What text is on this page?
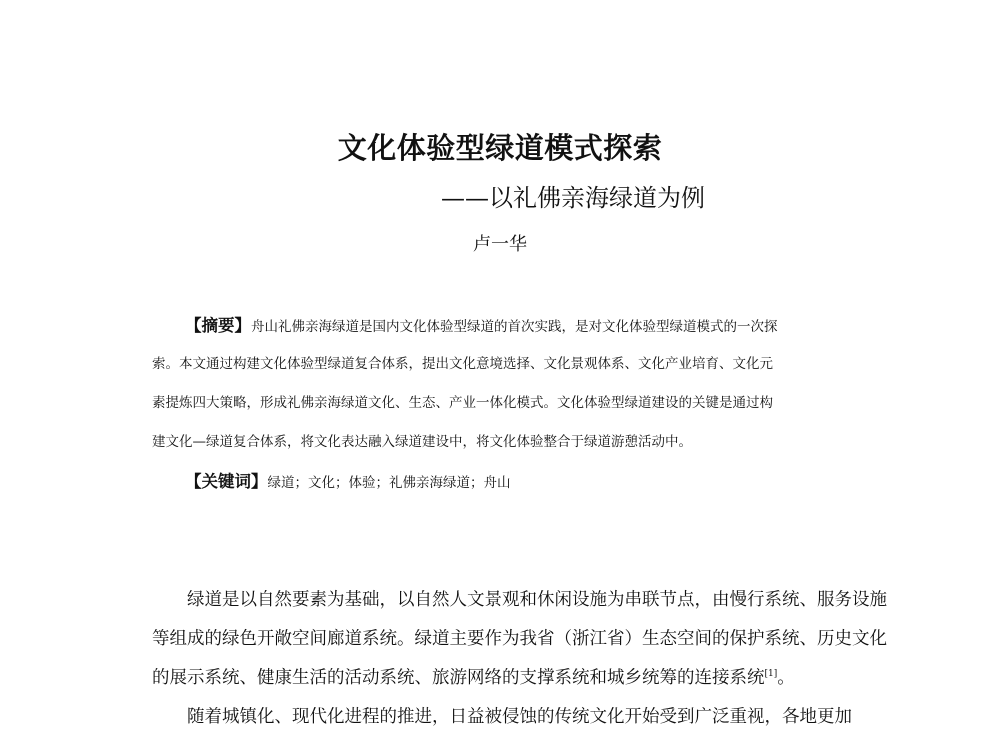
文化体验型绿道模式探索
——以礼佛亲海绿道为例
卢一华
【摘要】舟山礼佛亲海绿道是国内文化体验型绿道的首次实践，是对文化体验型绿道模式的一次探
索。本文通过构建文化体验型绿道复合体系，提出文化意境选择、文化景观体系、文化产业培育、文化元
素提炼四大策略，形成礼佛亲海绿道文化、生态、产业一体化模式。文化体验型绿道建设的关键是通过构
建文化—绿道复合体系，将文化表达融入绿道建设中，将文化体验整合于绿道游憩活动中。
【关键词】绿道；文化；体验；礼佛亲海绿道；舟山
绿道是以自然要素为基础，以自然人文景观和休闲设施为串联节点，由慢行系统、服务设施
等组成的绿色开敞空间廊道系统。绿道主要作为我省（浙江省）生态空间的保护系统、历史文化
的展示系统、健康生活的活动系统、旅游网络的支撑系统和城乡统筹的连接系统[1]。
随着城镇化、现代化进程的推进，日益被侵蚀的传统文化开始受到广泛重视，各地更加
